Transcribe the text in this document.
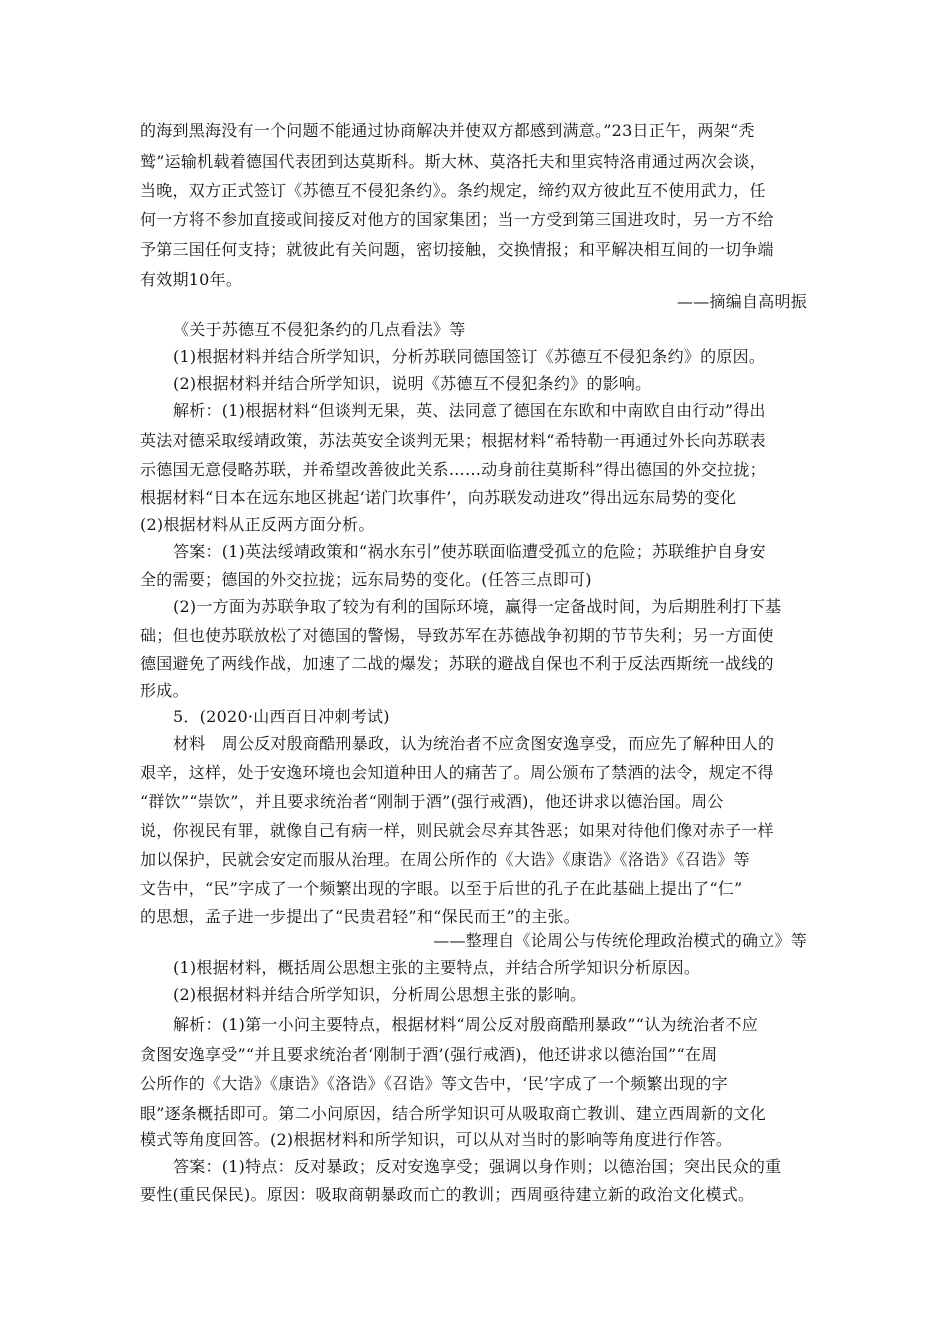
的海到黑海没有一个问题不能通过协商解决并使双方都感到满意。”23日正午，两架“秃
鹫”运输机载着德国代表团到达莫斯科。斯大林、莫洛托夫和里宾特洛甫通过两次会谈，
当晚，双方正式签订《苏德互不侵犯条约》。条约规定，缔约双方彼此互不使用武力，任
何一方将不参加直接或间接反对他方的国家集团；当一方受到第三国进攻时，另一方不给
予第三国任何支持；就彼此有关问题，密切接触，交换情报；和平解决相互间的一切争端
有效期10年。
——摘编自高明振
《关于苏德互不侵犯条约的几点看法》等
(1)根据材料并结合所学知识，分析苏联同德国签订《苏德互不侵犯条约》的原因。
(2)根据材料并结合所学知识，说明《苏德互不侵犯条约》的影响。
解析：(1)根据材料“但谈判无果，英、法同意了德国在东欧和中南欧自由行动”得出
英法对德采取绥靖政策，苏法英安全谈判无果；根据材料“希特勒一再通过外长向苏联表
示德国无意侵略苏联，并希望改善彼此关系……动身前往莫斯科”得出德国的外交拉拢；
根据材料“日本在远东地区挑起‘诺门坎事件’，向苏联发动进攻”得出远东局势的变化
(2)根据材料从正反两方面分析。
答案：(1)英法绥靖政策和“祸水东引”使苏联面临遭受孤立的危险；苏联维护自身安
全的需要；德国的外交拉拢；远东局势的变化。(任答三点即可)
(2)一方面为苏联争取了较为有利的国际环境，赢得一定备战时间，为后期胜利打下基
础；但也使苏联放松了对德国的警惕，导致苏军在苏德战争初期的节节失利；另一方面使
德国避免了两线作战，加速了二战的爆发；苏联的避战自保也不利于反法西斯统一战线的
形成。
5．(2020·山西百日冲刺考试)
材料　周公反对殷商酷刑暴政，认为统治者不应贪图安逸享受，而应先了解种田人的
艰辛，这样，处于安逸环境也会知道种田人的痛苦了。周公颁布了禁酒的法令，规定不得
“群饮”“崇饮”，并且要求统治者“刚制于酒”(强行戒酒)，他还讲求以德治国。周公
说，你视民有罪，就像自己有病一样，则民就会尽弃其咎恶；如果对待他们像对赤子一样
加以保护，民就会安定而服从治理。在周公所作的《大诰》《康诰》《洛诰》《召诰》等
文告中，“民”字成了一个频繁出现的字眼。以至于后世的孔子在此基础上提出了“仁”
的思想，孟子进一步提出了“民贵君轻”和“保民而王”的主张。
——整理自《论周公与传统伦理政治模式的确立》等
(1)根据材料，概括周公思想主张的主要特点，并结合所学知识分析原因。
(2)根据材料并结合所学知识，分析周公思想主张的影响。
解析：(1)第一小问主要特点，根据材料“周公反对殷商酷刑暴政”“认为统治者不应
贪图安逸享受”“并且要求统治者‘刚制于酒’(强行戒酒)，他还讲求以德治国”“在周
公所作的《大诰》《康诰》《洛诰》《召诰》等文告中，‘民’字成了一个频繁出现的字
眼”逐条概括即可。第二小问原因，结合所学知识可从吸取商亡教训、建立西周新的文化
模式等角度回答。(2)根据材料和所学知识，可以从对当时的影响等角度进行作答。
答案：(1)特点：反对暴政；反对安逸享受；强调以身作则；以德治国；突出民众的重
要性(重民保民)。原因：吸取商朝暴政而亡的教训；西周亟待建立新的政治文化模式。
